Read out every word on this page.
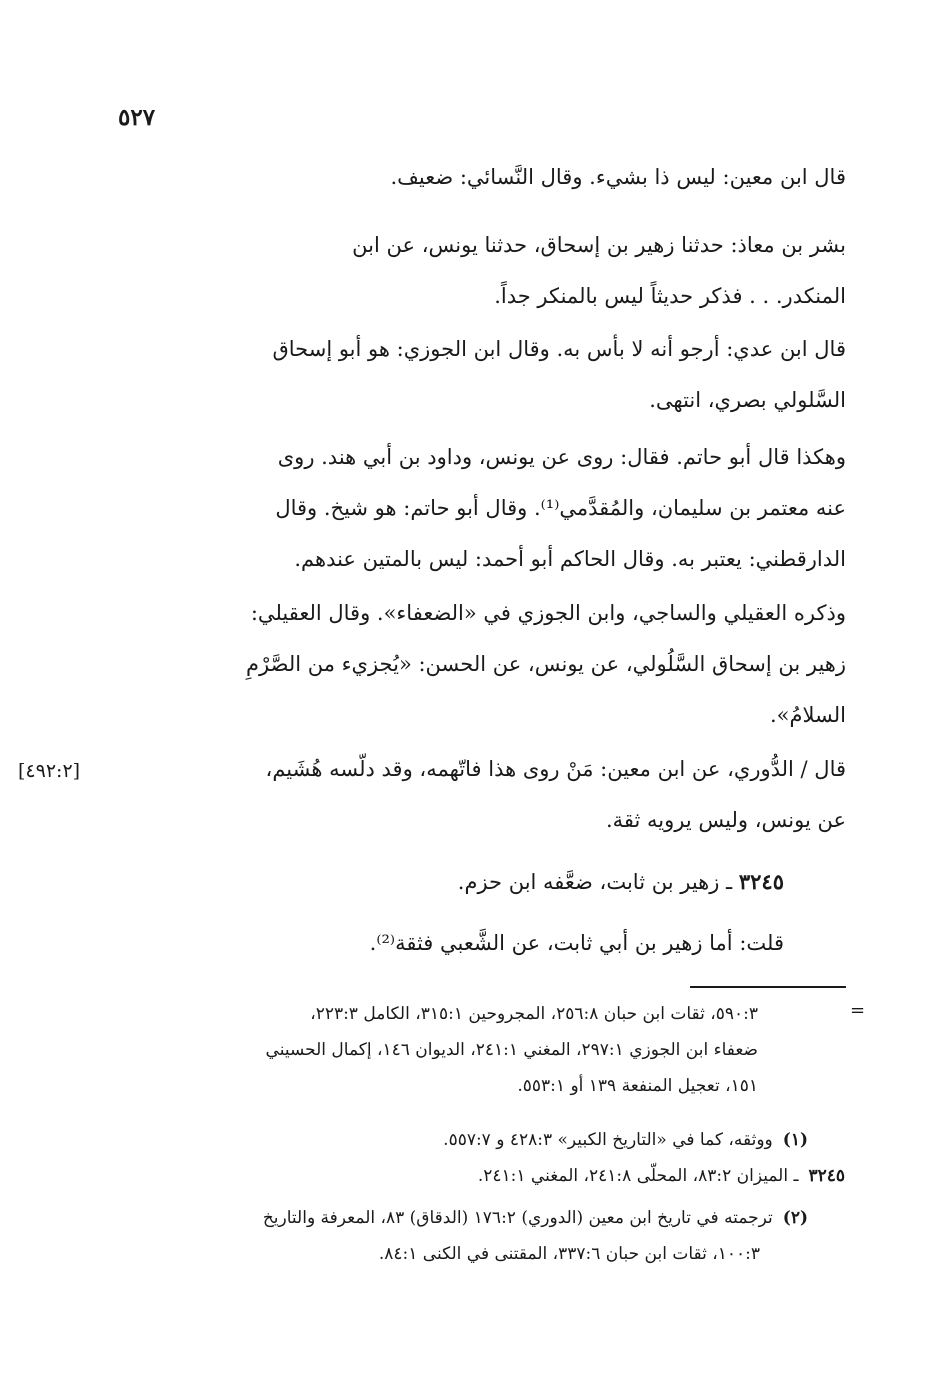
٥٢٧
قال ابن معين: ليس ذا بشيء. وقال النَّسائي: ضعيف.
بشر بن معاذ: حدثنا زهير بن إسحاق، حدثنا يونس، عن ابن
المنكدر. . . فذكر حديثاً ليس بالمنكر جداً.
قال ابن عدي: أرجو أنه لا بأس به. وقال ابن الجوزي: هو أبو إسحاق
السَّلولي بصري، انتهى.
وهكذا قال أبو حاتم. فقال: روى عن يونس، وداود بن أبي هند. روى
عنه معتمر بن سليمان، والمُقدَّمي⁽¹⁾. وقال أبو حاتم: هو شيخ. وقال
الدارقطني: يعتبر به. وقال الحاكم أبو أحمد: ليس بالمتين عندهم.
وذكره العقيلي والساجي، وابن الجوزي في «الضعفاء». وقال العقيلي:
زهير بن إسحاق السَّلُولي، عن يونس، عن الحسن: «يُجزيء من الصَّرْمِ
السلامُ».
قال / الدُّوري، عن ابن معين: مَنْ روى هذا فاتّهمه، وقد دلّسه هُشَيم،
عن يونس، وليس يرويه ثقة.
[٤٩٢:٢]
٣٢٤٥ ـ زهير بن ثابت، ضعَّفه ابن حزم.
قلت: أما زهير بن أبي ثابت، عن الشَّعبي فثقة⁽²⁾.
=
٥٩٠:٣، ثقات ابن حبان ٢٥٦:٨، المجروحين ٣١٥:١، الكامل ٢٢٣:٣،
ضعفاء ابن الجوزي ٢٩٧:١، المغني ٢٤١:١، الديوان ١٤٦، إكمال الحسيني
١٥١، تعجيل المنفعة ١٣٩ أو ٥٥٣:١.
(١)ووثقه، كما في «التاريخ الكبير» ٤٢٨:٣ و ٥٥٧:٧.
٣٢٤٥ـ الميزان ٨٣:٢، المحلّى ٢٤١:٨، المغني ٢٤١:١.
(٢)ترجمته في تاريخ ابن معين (الدوري) ١٧٦:٢ (الدقاق) ٨٣، المعرفة والتاريخ
١٠٠:٣، ثقات ابن حبان ٣٣٧:٦، المقتنى في الكنى ٨٤:١.
